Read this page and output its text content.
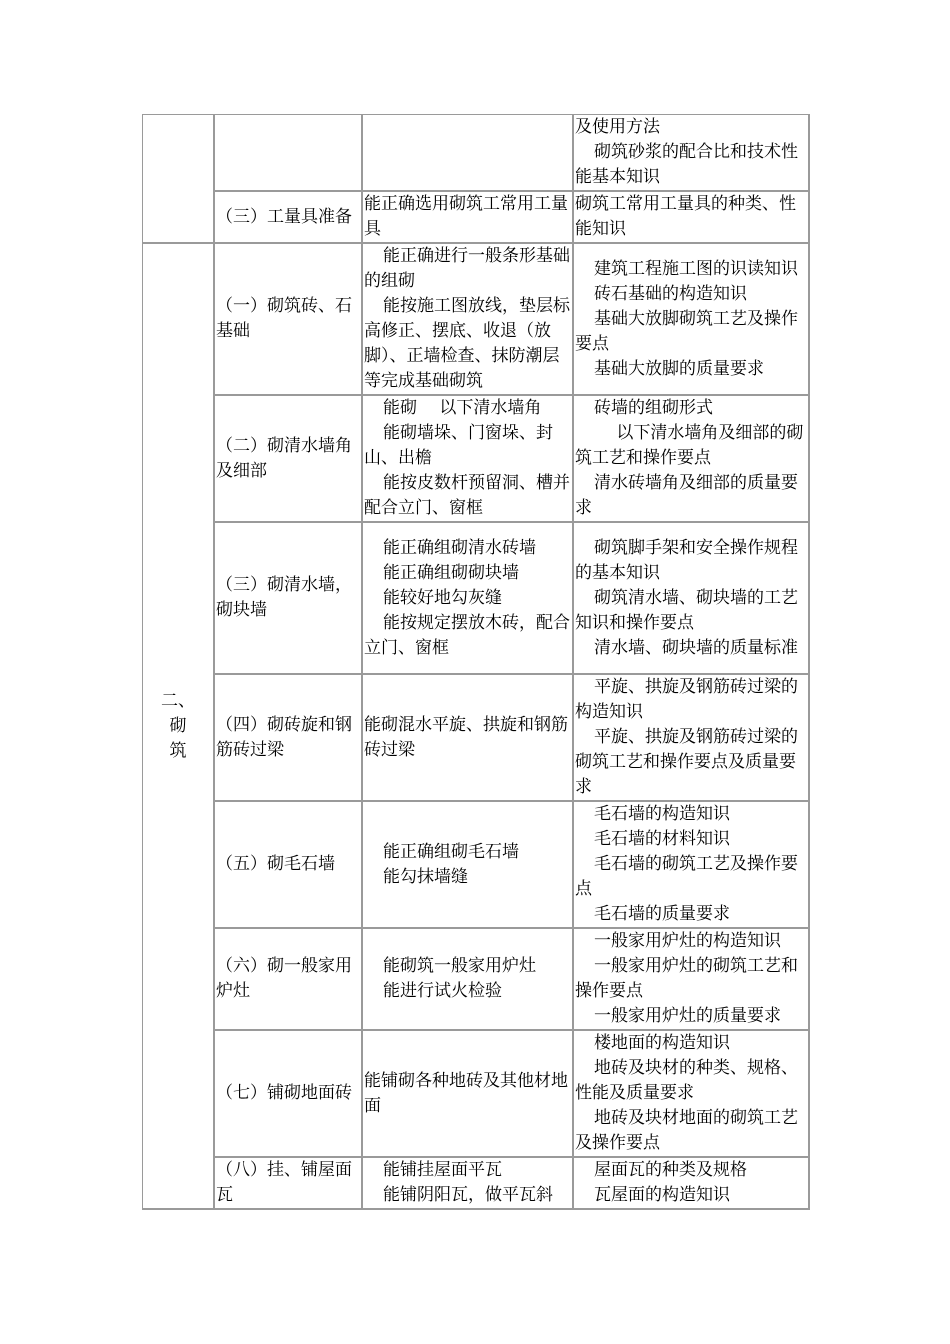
			及使用方法
砌筑砂浆的配合比和技术性能基本知识

	（三）工量具准备	能正确选用砌筑工常用工量具	砌筑工常用工量具的种类、性能知识

二、
砌
筑	（一）砌筑砖、石基础	能正确进行一般条形基础的组砌
能按施工图放线，垫层标高修正、摆底、收退（放脚）、正墙检查、抹防潮层等完成基础砌筑	建筑工程施工图的识读知识
砖石基础的构造知识
基础大放脚砌筑工艺及操作要点
基础大放脚的质量要求

	（二）砌清水墙角及细部	能砌　 以下清水墙角
能砌墙垛、门窗垛、封山、出檐
能按皮数杆预留洞、槽并配合立门、窗框	砖墙的组砌形式
　 以下清水墙角及细部的砌筑工艺和操作要点
清水砖墙角及细部的质量要求

	（三）砌清水墙，砌块墙	能正确组砌清水砖墙
能正确组砌砌块墙
能较好地勾灰缝
能按规定摆放木砖，配合立门、窗框	砌筑脚手架和安全操作规程的基本知识
砌筑清水墙、砌块墙的工艺知识和操作要点
清水墙、砌块墙的质量标准

	（四）砌砖旋和钢筋砖过梁	能砌混水平旋、拱旋和钢筋砖过梁	平旋、拱旋及钢筋砖过梁的构造知识
平旋、拱旋及钢筋砖过梁的砌筑工艺和操作要点及质量要求

	（五）砌毛石墙	能正确组砌毛石墙
能勾抹墙缝	毛石墙的构造知识
毛石墙的材料知识
毛石墙的砌筑工艺及操作要点
毛石墙的质量要求

	（六）砌一般家用炉灶	能砌筑一般家用炉灶
能进行试火检验	一般家用炉灶的构造知识
一般家用炉灶的砌筑工艺和操作要点
一般家用炉灶的质量要求

	（七）铺砌地面砖	能铺砌各种地砖及其他材地面	楼地面的构造知识
地砖及块材的种类、规格、性能及质量要求
地砖及块材地面的砌筑工艺及操作要点

	（八）挂、铺屋面瓦	能铺挂屋面平瓦
能铺阴阳瓦，做平瓦斜	屋面瓦的种类及规格
瓦屋面的构造知识
